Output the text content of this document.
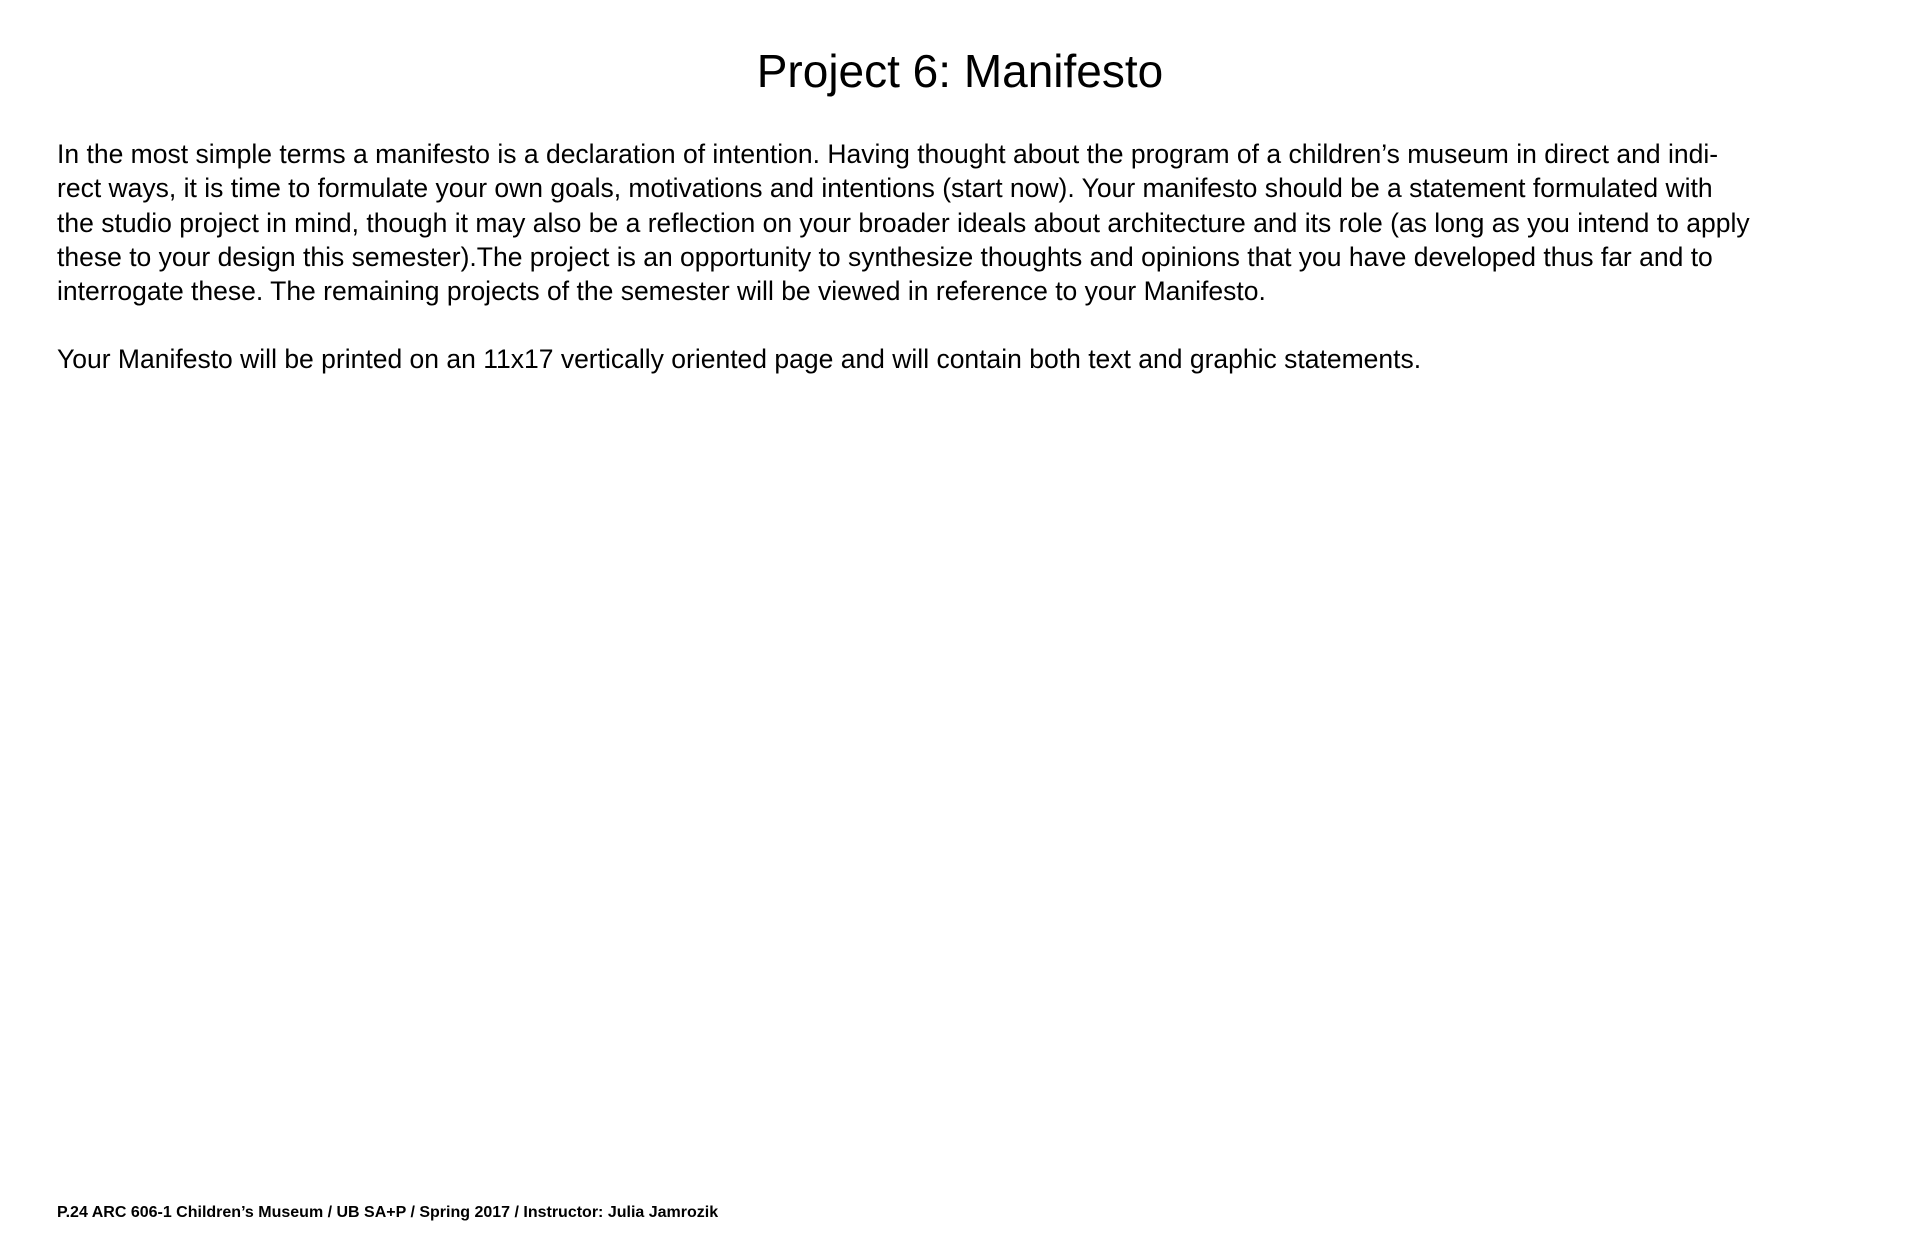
Project 6: Manifesto

In the most simple terms a manifesto is a declaration of intention. Having thought about the program of a children’s museum in direct and indi-
rect ways, it is time to formulate your own goals, motivations and intentions (start now). Your manifesto should be a statement formulated with
the studio project in mind, though it may also be a reflection on your broader ideals about architecture and its role (as long as you intend to apply
these to your design this semester).The project is an opportunity to synthesize thoughts and opinions that you have developed thus far and to
interrogate these. The remaining projects of the semester will be viewed in reference to your Manifesto.

Your Manifesto will be printed on an 11x17 vertically oriented page and will contain both text and graphic statements.

P.24 ARC 606-1 Children’s Museum / UB SA+P / Spring 2017 / Instructor: Julia Jamrozik
